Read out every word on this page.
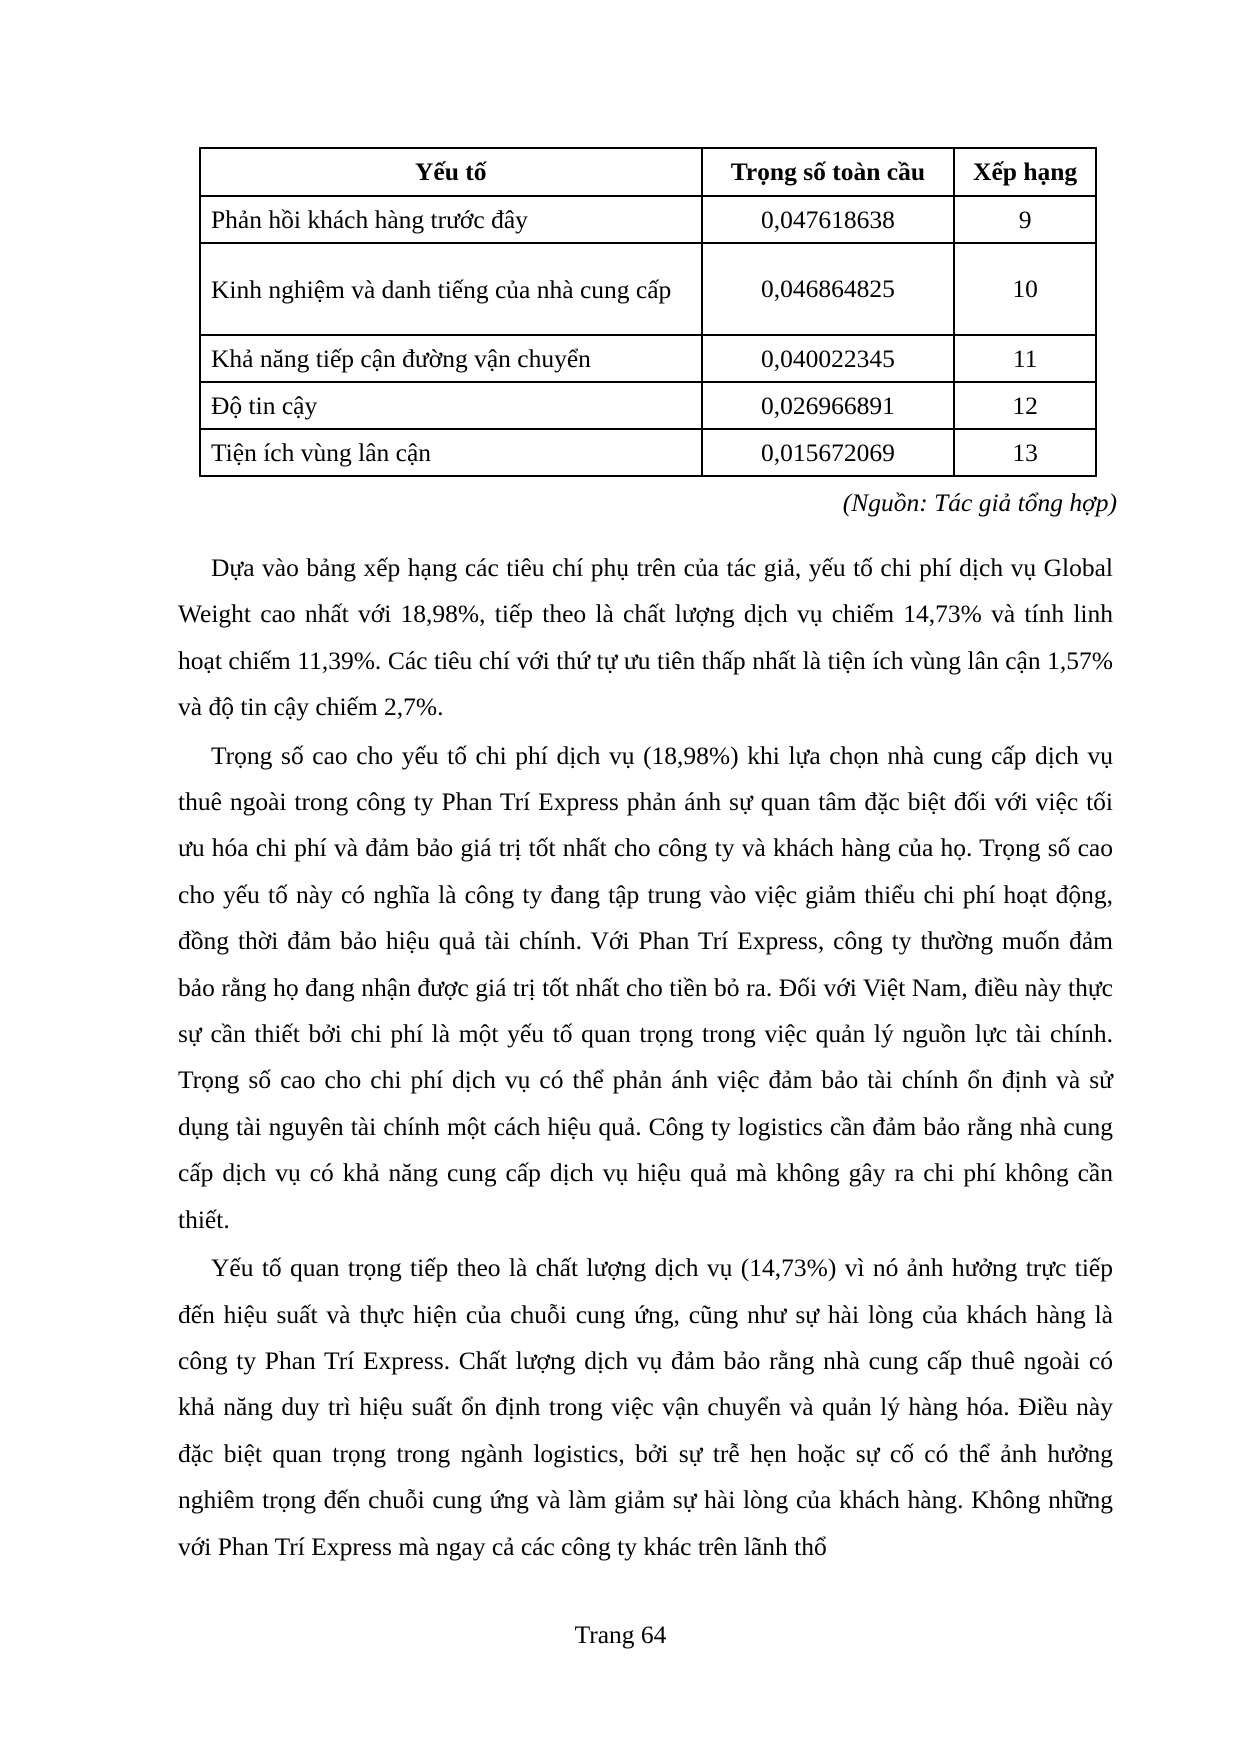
Yếu tố	Trọng số toàn cầu	Xếp hạng
Phản hồi khách hàng trước đây	0,047618638	9
Kinh nghiệm và danh tiếng của nhà cung cấp	0,046864825	10
Khả năng tiếp cận đường vận chuyển	0,040022345	11
Độ tin cậy	0,026966891	12
Tiện ích vùng lân cận	0,015672069	13
(Nguồn: Tác giả tổng hợp)

Dựa vào bảng xếp hạng các tiêu chí phụ trên của tác giả, yếu tố chi phí dịch vụ Global Weight cao nhất với 18,98%, tiếp theo là chất lượng dịch vụ chiếm 14,73% và tính linh hoạt chiếm 11,39%. Các tiêu chí với thứ tự ưu tiên thấp nhất là tiện ích vùng lân cận 1,57% và độ tin cậy chiếm 2,7%.

Trọng số cao cho yếu tố chi phí dịch vụ (18,98%) khi lựa chọn nhà cung cấp dịch vụ thuê ngoài trong công ty Phan Trí Express phản ánh sự quan tâm đặc biệt đối với việc tối ưu hóa chi phí và đảm bảo giá trị tốt nhất cho công ty và khách hàng của họ. Trọng số cao cho yếu tố này có nghĩa là công ty đang tập trung vào việc giảm thiểu chi phí hoạt động, đồng thời đảm bảo hiệu quả tài chính. Với Phan Trí Express, công ty thường muốn đảm bảo rằng họ đang nhận được giá trị tốt nhất cho tiền bỏ ra. Đối với Việt Nam, điều này thực sự cần thiết bởi chi phí là một yếu tố quan trọng trong việc quản lý nguồn lực tài chính. Trọng số cao cho chi phí dịch vụ có thể phản ánh việc đảm bảo tài chính ổn định và sử dụng tài nguyên tài chính một cách hiệu quả. Công ty logistics cần đảm bảo rằng nhà cung cấp dịch vụ có khả năng cung cấp dịch vụ hiệu quả mà không gây ra chi phí không cần thiết.

Yếu tố quan trọng tiếp theo là chất lượng dịch vụ (14,73%) vì nó ảnh hưởng trực tiếp đến hiệu suất và thực hiện của chuỗi cung ứng, cũng như sự hài lòng của khách hàng là công ty Phan Trí Express. Chất lượng dịch vụ đảm bảo rằng nhà cung cấp thuê ngoài có khả năng duy trì hiệu suất ổn định trong việc vận chuyển và quản lý hàng hóa. Điều này đặc biệt quan trọng trong ngành logistics, bởi sự trễ hẹn hoặc sự cố có thể ảnh hưởng nghiêm trọng đến chuỗi cung ứng và làm giảm sự hài lòng của khách hàng. Không những với Phan Trí Express mà ngay cả các công ty khác trên lãnh thổ

Trang 64
